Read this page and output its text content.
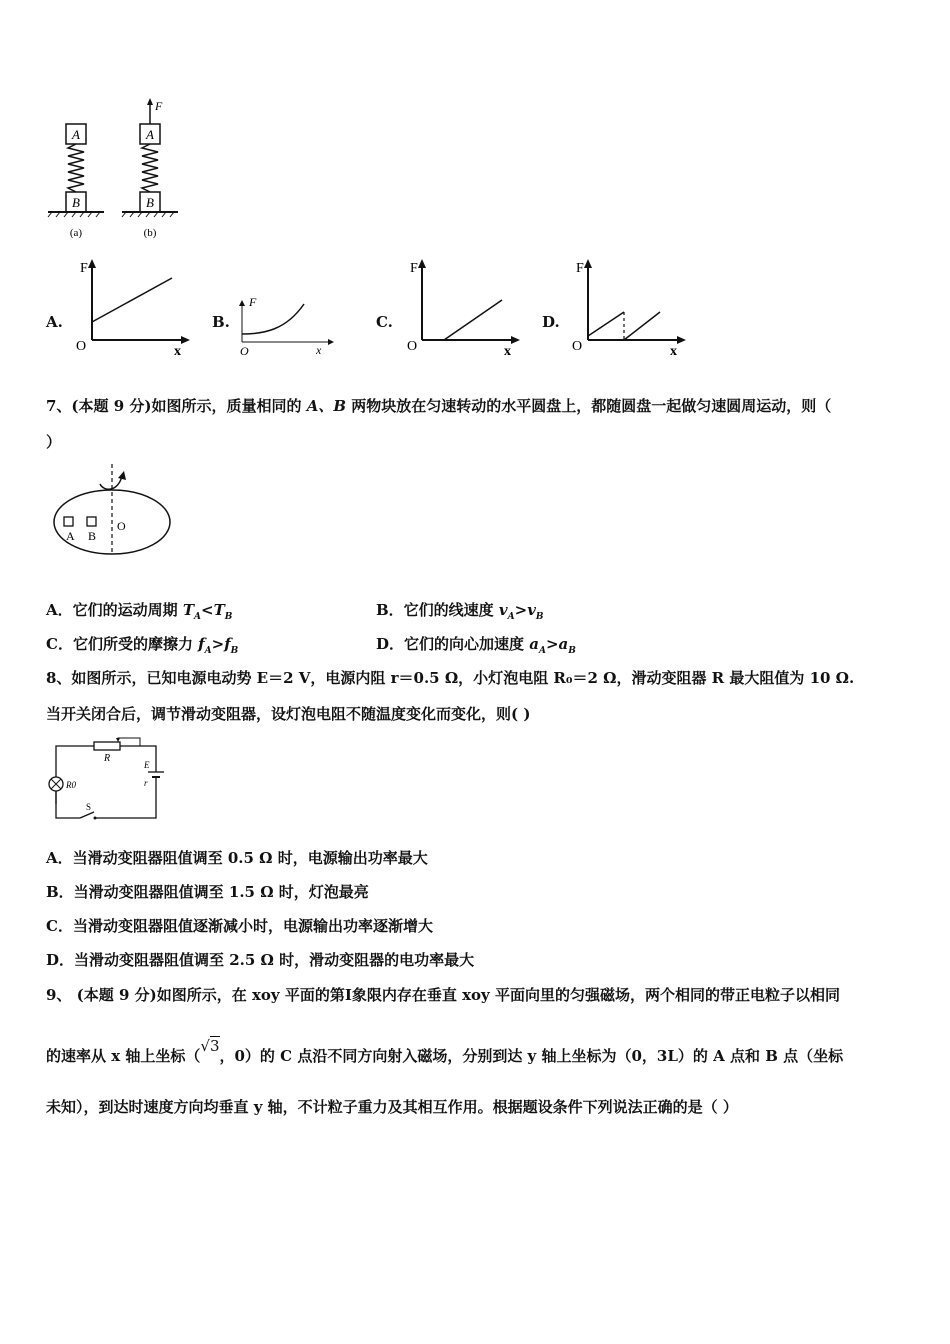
A
B
(a)
F
A
B
(b)
A.
F
O	x
B.
F
O	x
C.
F
O	x
D.
F
O	x
7、(本题 9 分)如图所示，质量相同的 A、B 两物块放在匀速转动的水平圆盘上，都随圆盘一起做匀速圆周运动，则（
）
A B
O
A．它们的运动周期 $T_A<T_B$	B．它们的线速度 $v_A>v_B$
C．它们所受的摩擦力 $f_A>f_B$	D．它们的向心加速度 $a_A>a_B$
8、如图所示，已知电源电动势 E＝2 V，电源内阻 r＝0.5 Ω，小灯泡电阻 R₀＝2 Ω，滑动变阻器 R 最大阻值为 10 Ω.
当开关闭合后，调节滑动变阻器，设灯泡电阻不随温度变化而变化，则( )
R
E
r
R0
S
A．当滑动变阻器阻值调至 0.5 Ω 时，电源输出功率最大
B．当滑动变阻器阻值调至 1.5 Ω 时，灯泡最亮
C．当滑动变阻器阻值逐渐减小时，电源输出功率逐渐增大
D．当滑动变阻器阻值调至 2.5 Ω 时，滑动变阻器的电功率最大
9、 (本题 9 分)如图所示，在 xoy 平面的第Ⅰ象限内存在垂直 xoy 平面向里的匀强磁场，两个相同的带正电粒子以相同
的速率从 x 轴上坐标（√3，0）的 C 点沿不同方向射入磁场，分别到达 y 轴上坐标为（0，3L）的 A 点和 B 点（坐标
未知），到达时速度方向均垂直 y 轴，不计粒子重力及其相互作用。根据题设条件下列说法正确的是（ ）
